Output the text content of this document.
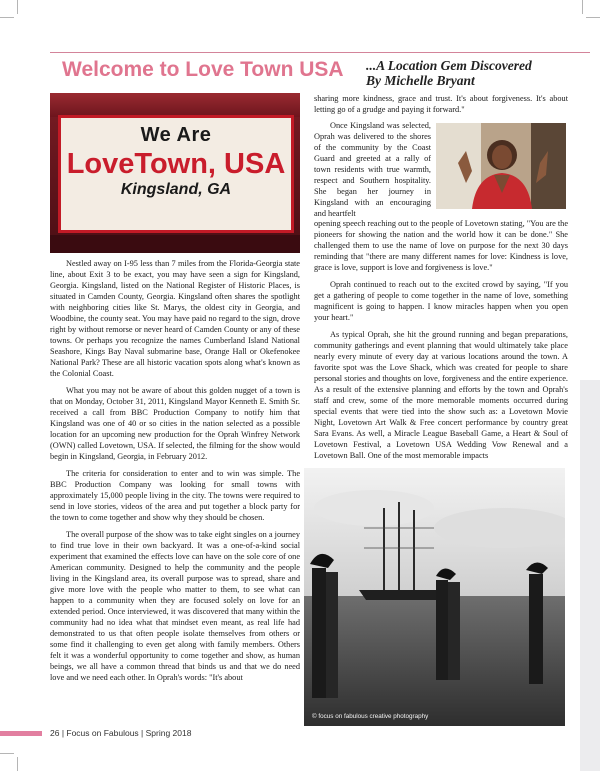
Welcome to Love Town USA ...A Location Gem Discovered
By Michelle Bryant
We Are
LoveTown, USA
Kingsland, GA

Nestled away on I-95 less than 7 miles from the Florida-Georgia state line, about Exit 3 to be exact, you may have seen a sign for Kingsland, Georgia. Kingsland, listed on the National Register of Historic Places, is situated in Camden County, Georgia. Kingsland often shares the spotlight with neighboring cities like St. Marys, the oldest city in Georgia, and Woodbine, the county seat. You may have paid no regard to the sign, drove right by without remorse or never heard of Camden County or any of these towns. Or perhaps you recognize the names Cumberland Island National Seashore, Kings Bay Naval submarine base, Orange Hall or Okefenokee National Park? These are all historic vacation spots along what's known as the Colonial Coast.

What you may not be aware of about this golden nugget of a town is that on Monday, October 31, 2011, Kingsland Mayor Kenneth E. Smith Sr. received a call from BBC Production Company to notify him that Kingsland was one of 40 or so cities in the nation selected as a possible location for an upcoming new production for the Oprah Winfrey Network (OWN) called Lovetown, USA. If selected, the filming for the show would begin in Kingsland, Georgia, in February 2012.

The criteria for consideration to enter and to win was simple. The BBC Production Company was looking for small towns with approximately 15,000 people living in the city. The towns were required to send in love stories, videos of the area and put together a block party for the town to come together and show why they should be chosen.

The overall purpose of the show was to take eight singles on a journey to find true love in their own backyard. It was a one-of-a-kind social experiment that examined the effects love can have on the sole core of one American community. Designed to help the community and the people living in the Kingsland area, its overall purpose was to spread, share and give more love with the people who matter to them, to see what can happen to a community when they are focused solely on love for an extended period. Once interviewed, it was discovered that many within the community had no idea what that mindset even meant, as real life had demonstrated to us that often people isolate themselves from others or some find it challenging to even get along with family members. Others felt it was a wonderful opportunity to come together and show, as human beings, we all have a common thread that binds us and that we do need love and we need each other. In Oprah's words: "It's about

sharing more kindness, grace and trust. It's about forgiveness. It's about letting go of a grudge and paying it forward."

Once Kingsland was selected, Oprah was delivered to the shores of the community by the Coast Guard and greeted at a rally of town residents with true warmth, respect and Southern hospitality. She began her journey in Kingsland with an encouraging and heartfelt

opening speech reaching out to the people of Lovetown stating, "You are the pioneers for showing the nation and the world how it can be done." She challenged them to use the name of love on purpose for the next 30 days reminding that "there are many different names for love: Kindness is love, grace is love, support is love and forgiveness is love."

Oprah continued to reach out to the excited crowd by saying, "If you get a gathering of people to come together in the name of love, something magnificent is going to happen. I know miracles happen when you open your heart."

As typical Oprah, she hit the ground running and began preparations, community gatherings and event planning that would ultimately take place nearly every minute of every day at various locations around the town. A favorite spot was the Love Shack, which was created for people to share personal stories and thoughts on love, forgiveness and the entire experience. As a result of the extensive planning and efforts by the town and Oprah's staff and crew, some of the more memorable moments occurred during special events that were tied into the show such as: a Lovetown Movie Night, Lovetown Art Walk & Free concert performance by country great Sara Evans. As well, a Miracle League Baseball Game, a Heart & Soul of Lovetown Festival, a Lovetown USA Wedding Vow Renewal and a Lovetown Ball. One of the most memorable impacts

© focus on fabulous creative photography
26 | Focus on Fabulous | Spring 2018
